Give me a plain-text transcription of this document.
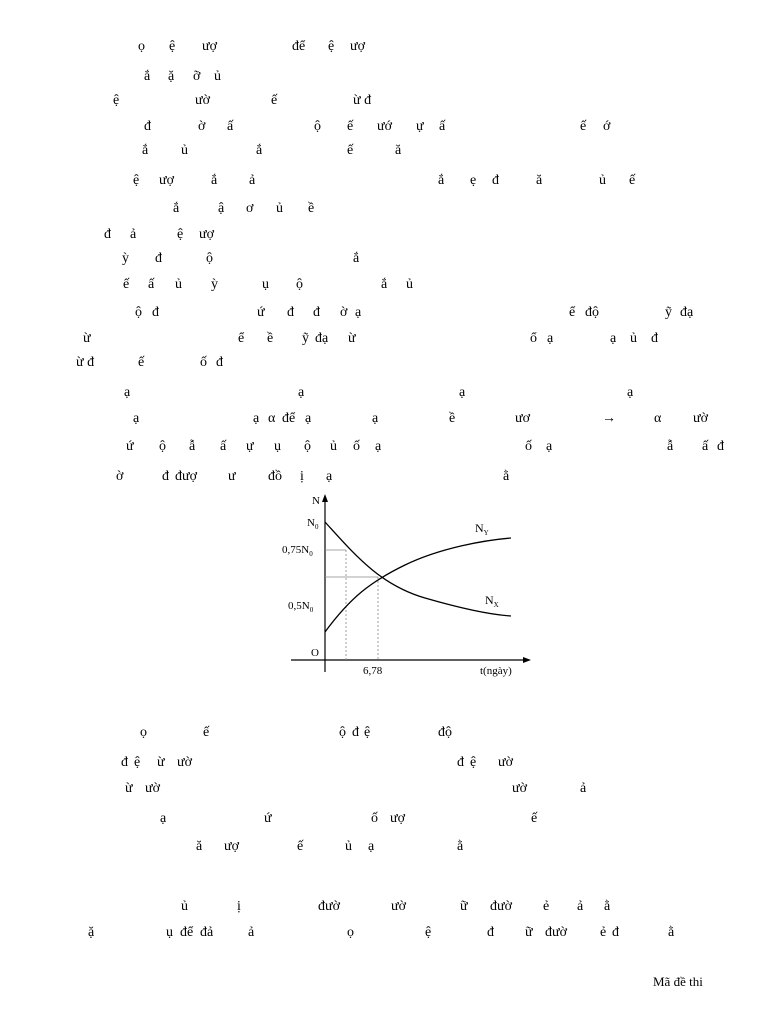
ọ ệ ượ	để ệ ượ
ắ ặ ỡ ủ
ệ	ườ	ế	ừ đ
đ	ờ ấ	ộ ế ướ ự ấ	ế ớ
ắ ủ	ắ	ế	ă
ệ ượ	ắ ả	ắ ẹ đ	ă	ủ ế
ắ	ậ ơ ủ ề
đ ả	ệ ượ
ỳ đ	ộ	ắ
ế ấ ủ ỳ	ụ ộ	ắ ủ
ộ đ	ứ đ đ ờ ạ	ể độ	ỹ đạ
ừ	ể ề ỹ đạ ừ	ổ ạ	ạ ủ đ
ừ đ	ế	ố đ
ạ	ạ	ạ	ạ
ạ	ạ α để ạ	ạ	ề	ươ	→	α ườ
ứ ộ ẫ ấ ự ụ ộ ủ ố ạ	ố ạ	ẫ ấ đ
ờ	đ đượ ư đồ ị ạ	ằ
ọ	ế	ộ đ ệ	độ
đ ệ ừ ườ	đ ệ ườ
ừ ườ	ườ	ả
ạ	ứ	ố ượ	ế
ă ượ	ế	ủ ạ	ằ
ủ	ị	đườ	ườ	ữ đườ ẻ ả ằ
ặ	ụ để đả ả	ọ	ệ	đ ữ đườ ẻ đ	ằ
N
O
$N_0$
$0,75N_0$
$0,5N_0$
6,78	t(ngày)
$N_Y$
$N_X$
Mã đề thi
